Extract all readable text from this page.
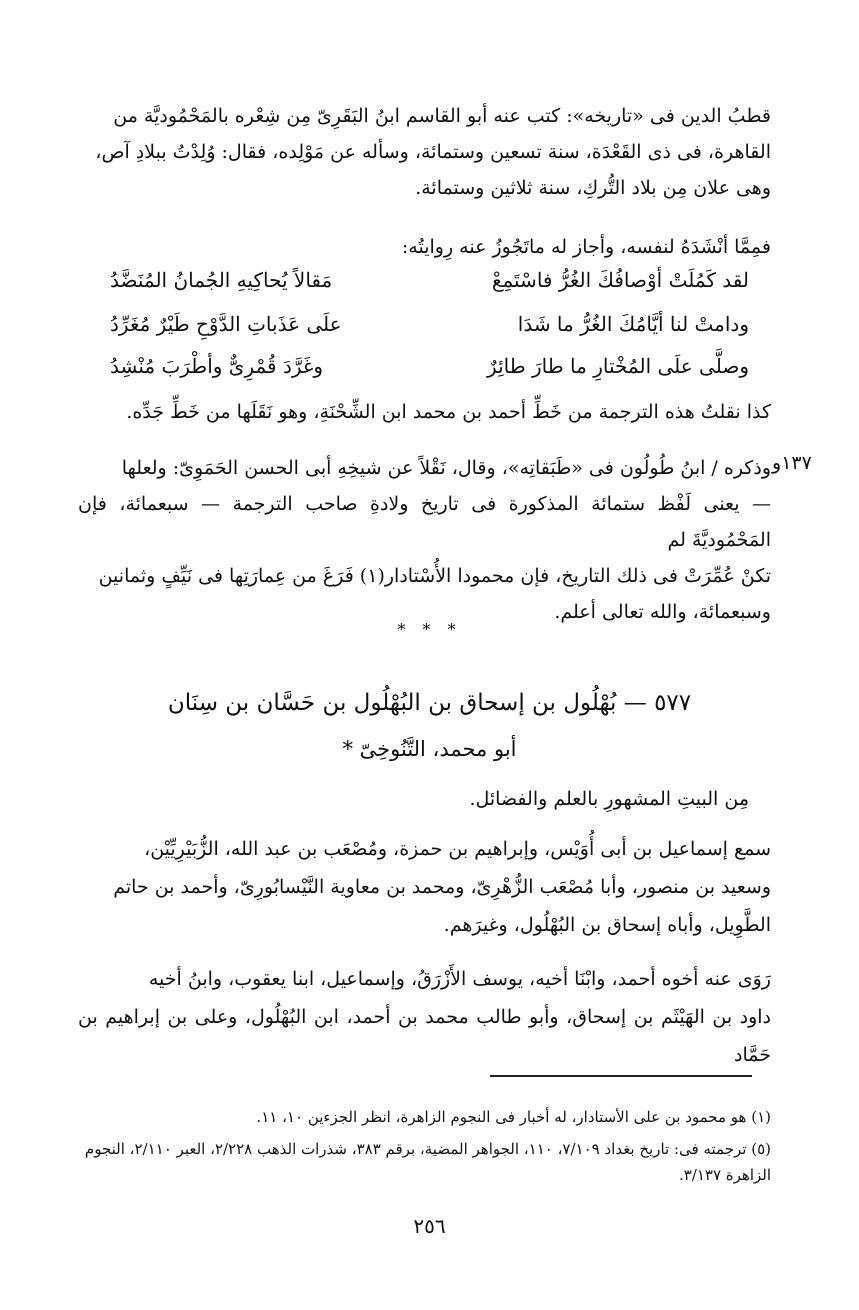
قطبُ الدين فى «تاريخه»: كتب عنه أبو القاسم ابنُ البَقَرِىّ مِن شِعْره بالمَحْمُوديَّة من
القاهرة، فى ذى القَعْدَة، سنة تسعين وستمائة، وسأله عن مَوْلِده، فقال: وُلِدْتُ ببلادِ آص،
وهى علان مِن بلاد التُّركِ، سنة ثلاثين وستمائة.
فمِمَّا أنْشَدَهُ لنفسه، وأجاز له ماتَجُوزُ عنه رِوايتُه:
لقد كَمُلَتْ أوْصافُكَ الغُرُّ فاسْتَمِعْ
مَقالاً يُحاكِيهِ الجُمانُ المُنَضَّدُ
ودامتْ لنا أيَّامُكَ الغُرُّ ما شَدَا
علَى عَذَباتِ الدَّوْحِ طَيْرٌ مُغَرِّدُ
وصلَّى علَى المُخْتارِ ما طارَ طائِرٌ
وغَرَّدَ قُمْرِىٌّ وأطْرَبَ مُنْشِدُ
كذا نقلتُ هذه الترجمة من خَطِّ أحمد بن محمد ابن الشِّحْنَةِ، وهو نَقَلَها من خَطِّ جَدِّه.
١٣٧و
وذكره / ابنُ طُولُون فى «طَبَقاتِه»، وقال، نَقْلاً عن شيخِهِ أبى الحسن الحَمَوِىّ: ولعلها
— يعنى لَفْظ ستمائة المذكورة فى تاريخ ولادةِ صاحب الترجمة — سبعمائة، فإن المَحْمُوديَّةَ لم
تكنْ عُمِّرَتْ فى ذلك التاريخ، فإن محمودا الأُسْتادار(١) فَرَغَ من عِمارَتِها فى نَيِّفٍ وثمانين
وسبعمائة، والله تعالى أعلم.
* * *
٥٧٧ — بُهْلُول بن إسحاق بن البُهْلُول بن حَسَّان بن سِنَان
أبو محمد، التَّنُوخِىّ *
مِن البيتِ المشهورِ بالعلم والفضائل.
سمع إسماعيل بن أبى أُوَيْس، وإبراهيم بن حمزة، ومُصْعَب بن عبد الله، الزُّبَيْرِيِّيْن،
وسعيد بن منصور، وأبا مُصْعَب الزُّهْرِىّ، ومحمد بن معاوية النَّيْسابُورِىّ، وأحمد بن حاتم
الطَّوِيل، وأباه إسحاق بن البُهْلُول، وغيرَهم.
رَوَى عنه أخوه أحمد، وابْنَا أخيه، يوسف الأَزْرَقُ، وإسماعيل، ابنا يعقوب، وابنُ أخيه
داود بن الهَيْثَم بن إسحاق، وأبو طالب محمد بن أحمد، ابن البُهْلُول، وعلى بن إبراهيم بن حَمَّاد
(١) هو محمود بن على الأستادار، له أخبار فى النجوم الزاهرة، انظر الجزءين ١٠، ١١.
(٥) ترجمته فى: تاريخ بغداد ٧/١٠٩، ١١٠، الجواهر المضية، برقم ٣٨٣، شذرات الذهب ٢/٢٢٨، العبر ٢/١١٠، النجوم الزاهرة ٣/١٣٧.
٢٥٦
